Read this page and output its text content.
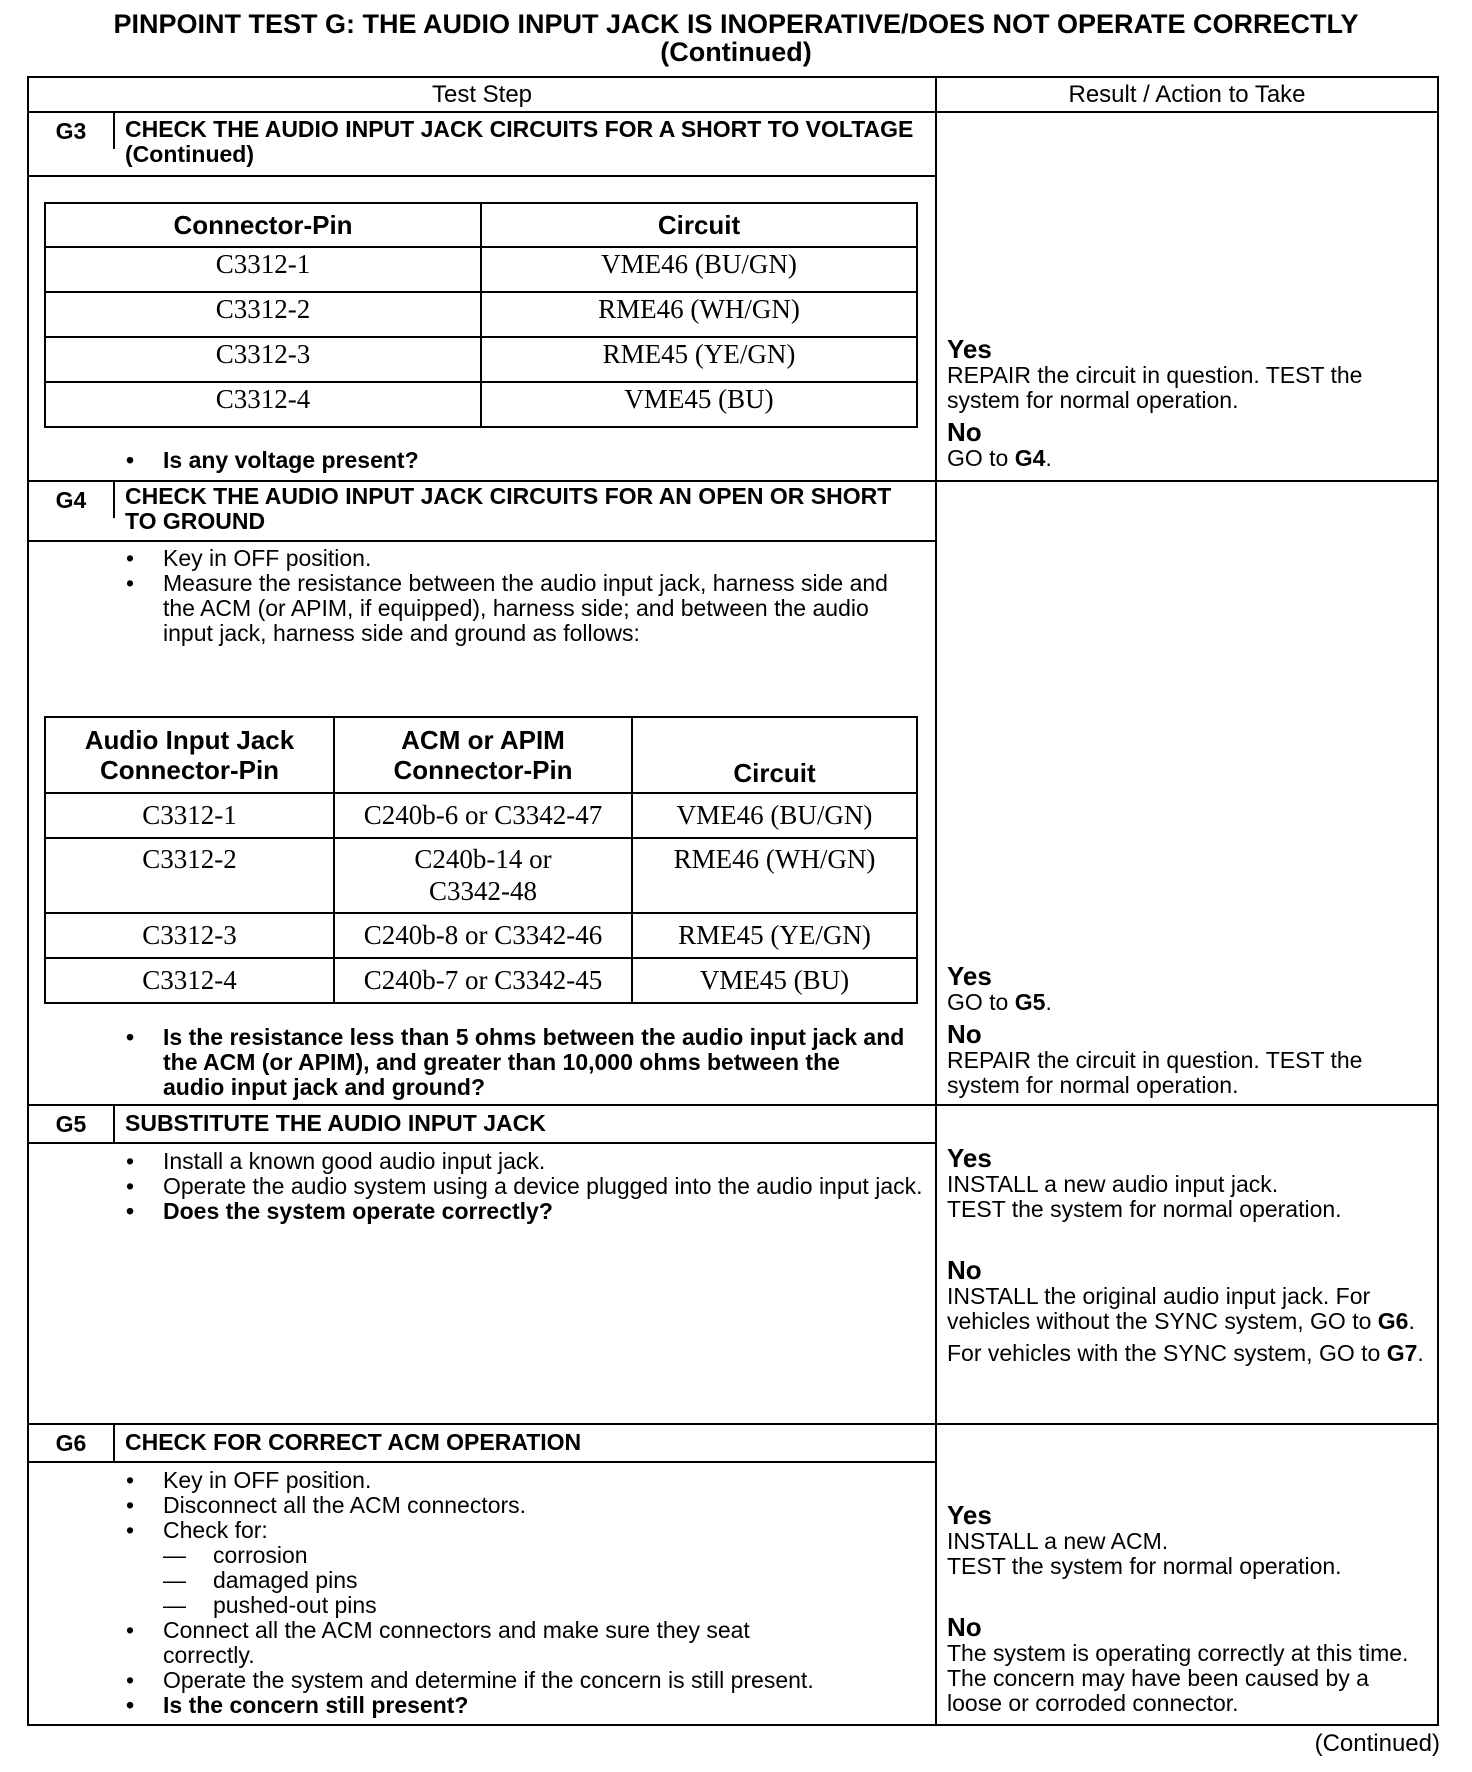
PINPOINT TEST G: THE AUDIO INPUT JACK IS INOPERATIVE/DOES NOT OPERATE CORRECTLY
(Continued)
Test Step	Result / Action to Take
G3	CHECK THE AUDIO INPUT JACK CIRCUITS FOR A SHORT TO VOLTAGE (Continued)
Connector-Pin	Circuit
C3312-1	VME46 (BU/GN)
C3312-2	RME46 (WH/GN)
C3312-3	RME45 (YE/GN)
C3312-4	VME45 (BU)
• Is any voltage present?
Yes
REPAIR the circuit in question. TEST the system for normal operation.
No
GO to G4.
G4	CHECK THE AUDIO INPUT JACK CIRCUITS FOR AN OPEN OR SHORT TO GROUND
• Key in OFF position.
• Measure the resistance between the audio input jack, harness side and the ACM (or APIM, if equipped), harness side; and between the audio input jack, harness side and ground as follows:
Audio Input Jack Connector-Pin	ACM or APIM Connector-Pin	Circuit
C3312-1	C240b-6 or C3342-47	VME46 (BU/GN)
C3312-2	C240b-14 or C3342-48	RME46 (WH/GN)
C3312-3	C240b-8 or C3342-46	RME45 (YE/GN)
C3312-4	C240b-7 or C3342-45	VME45 (BU)
• Is the resistance less than 5 ohms between the audio input jack and the ACM (or APIM), and greater than 10,000 ohms between the audio input jack and ground?
Yes
GO to G5.
No
REPAIR the circuit in question. TEST the system for normal operation.
G5	SUBSTITUTE THE AUDIO INPUT JACK
• Install a known good audio input jack.
• Operate the audio system using a device plugged into the audio input jack.
• Does the system operate correctly?
Yes
INSTALL a new audio input jack.
TEST the system for normal operation.
No
INSTALL the original audio input jack. For vehicles without the SYNC system, GO to G6.
For vehicles with the SYNC system, GO to G7.
G6	CHECK FOR CORRECT ACM OPERATION
• Key in OFF position.
• Disconnect all the ACM connectors.
• Check for:
— corrosion
— damaged pins
— pushed-out pins
• Connect all the ACM connectors and make sure they seat correctly.
• Operate the system and determine if the concern is still present.
• Is the concern still present?
Yes
INSTALL a new ACM.
TEST the system for normal operation.
No
The system is operating correctly at this time. The concern may have been caused by a loose or corroded connector.
(Continued)
